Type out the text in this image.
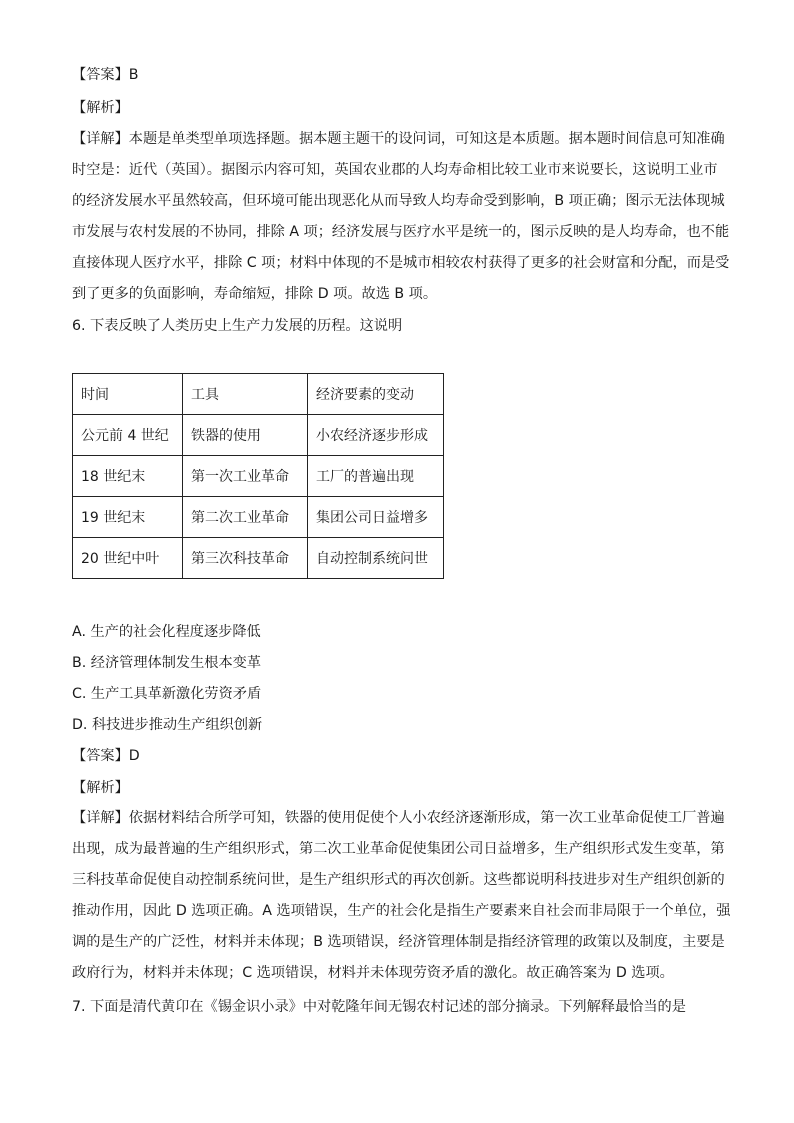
【答案】B
【解析】
【详解】本题是单类型单项选择题。据本题主题干的设问词，可知这是本质题。据本题时间信息可知准确
时空是：近代（英国）。据图示内容可知，英国农业郡的人均寿命相比较工业市来说要长，这说明工业市
的经济发展水平虽然较高，但环境可能出现恶化从而导致人均寿命受到影响，B 项正确；图示无法体现城
市发展与农村发展的不协同，排除 A 项；经济发展与医疗水平是统一的，图示反映的是人均寿命，也不能
直接体现人医疗水平，排除 C 项；材料中体现的不是城市相较农村获得了更多的社会财富和分配，而是受
到了更多的负面影响，寿命缩短，排除 D 项。故选 B 项。
6. 下表反映了人类历史上生产力发展的历程。这说明
时间	工具	经济要素的变动
公元前 4 世纪	铁器的使用	小农经济逐步形成
18 世纪末	第一次工业革命	工厂的普遍出现
19 世纪末	第二次工业革命	集团公司日益增多
20 世纪中叶	第三次科技革命	自动控制系统问世
A. 生产的社会化程度逐步降低
B. 经济管理体制发生根本变革
C. 生产工具革新激化劳资矛盾
D. 科技进步推动生产组织创新
【答案】D
【解析】
【详解】依据材料结合所学可知，铁器的使用促使个人小农经济逐渐形成，第一次工业革命促使工厂普遍
出现，成为最普遍的生产组织形式，第二次工业革命促使集团公司日益增多，生产组织形式发生变革，第
三科技革命促使自动控制系统问世，是生产组织形式的再次创新。这些都说明科技进步对生产组织创新的
推动作用，因此 D 选项正确。A 选项错误，生产的社会化是指生产要素来自社会而非局限于一个单位，强
调的是生产的广泛性，材料并未体现；B 选项错误，经济管理体制是指经济管理的政策以及制度，主要是
政府行为，材料并未体现；C 选项错误，材料并未体现劳资矛盾的激化。故正确答案为 D 选项。
7. 下面是清代黄卬在《锡金识小录》中对乾隆年间无锡农村记述的部分摘录。下列解释最恰当的是
